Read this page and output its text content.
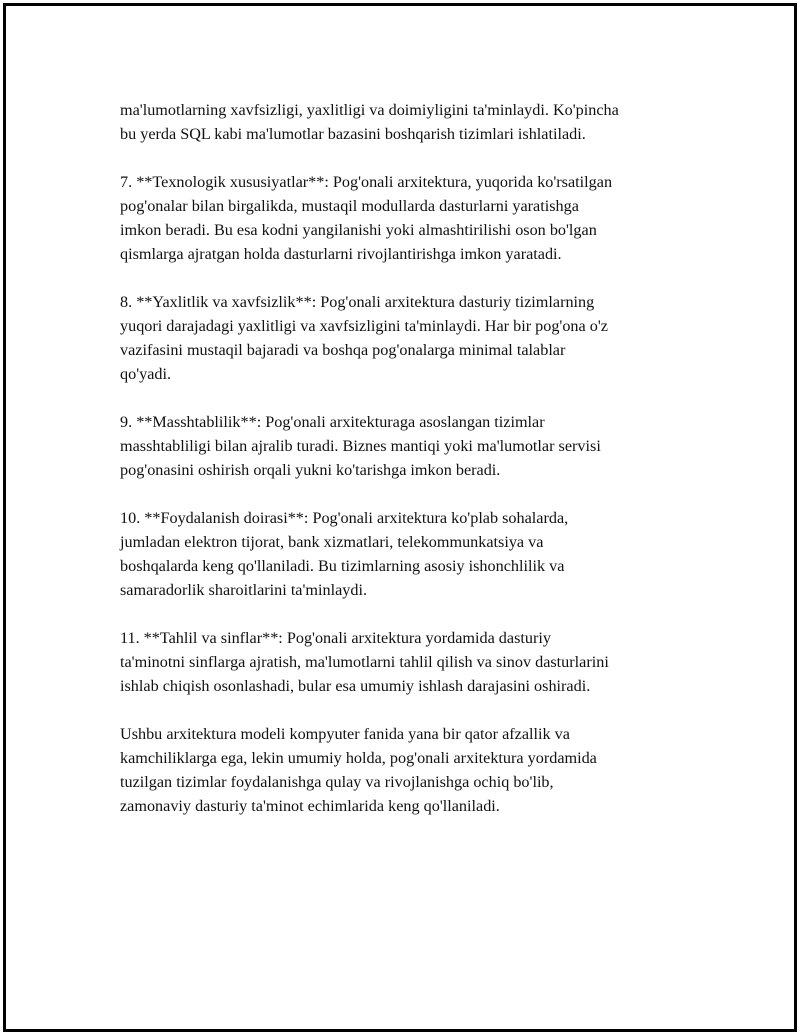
ma'lumotlarning xavfsizligi, yaxlitligi va doimiyligini ta'minlaydi. Ko'pincha
bu yerda SQL kabi ma'lumotlar bazasini boshqarish tizimlari ishlatiladi.

7. **Texnologik xususiyatlar**: Pog'onali arxitektura, yuqorida ko'rsatilgan
pog'onalar bilan birgalikda, mustaqil modullarda dasturlarni yaratishga
imkon beradi. Bu esa kodni yangilanishi yoki almashtirilishi oson bo'lgan
qismlarga ajratgan holda dasturlarni rivojlantirishga imkon yaratadi.

8. **Yaxlitlik va xavfsizlik**: Pog'onali arxitektura dasturiy tizimlarning
yuqori darajadagi yaxlitligi va xavfsizligini ta'minlaydi. Har bir pog'ona o'z
vazifasini mustaqil bajaradi va boshqa pog'onalarga minimal talablar
qo'yadi.

9. **Masshtablilik**: Pog'onali arxitekturaga asoslangan tizimlar
masshtabliligi bilan ajralib turadi. Biznes mantiqi yoki ma'lumotlar servisi
pog'onasini oshirish orqali yukni ko'tarishga imkon beradi.

10. **Foydalanish doirasi**: Pog'onali arxitektura ko'plab sohalarda,
jumladan elektron tijorat, bank xizmatlari, telekommunkatsiya va
boshqalarda keng qo'llaniladi. Bu tizimlarning asosiy ishonchlilik va
samaradorlik sharoitlarini ta'minlaydi.

11. **Tahlil va sinflar**: Pog'onali arxitektura yordamida dasturiy
ta'minotni sinflarga ajratish, ma'lumotlarni tahlil qilish va sinov dasturlarini
ishlab chiqish osonlashadi, bular esa umumiy ishlash darajasini oshiradi.

Ushbu arxitektura modeli kompyuter fanida yana bir qator afzallik va
kamchiliklarga ega, lekin umumiy holda, pog'onali arxitektura yordamida
tuzilgan tizimlar foydalanishga qulay va rivojlanishga ochiq bo'lib,
zamonaviy dasturiy ta'minot echimlarida keng qo'llaniladi.
